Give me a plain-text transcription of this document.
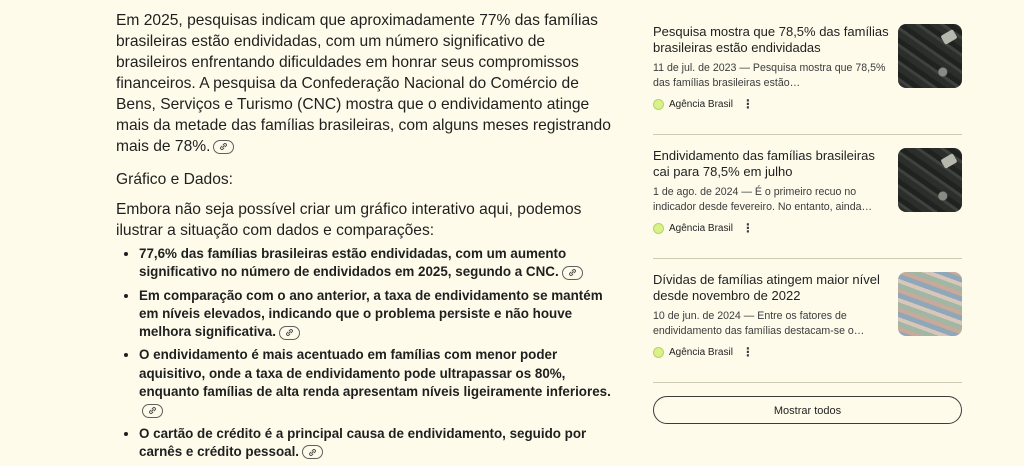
Em 2025, pesquisas indicam que aproximadamente 77% das famílias brasileiras estão endividadas, com um número significativo de brasileiros enfrentando dificuldades em honrar seus compromissos financeiros. A pesquisa da Confederação Nacional do Comércio de Bens, Serviços e Turismo (CNC) mostra que o endividamento atinge mais da metade das famílias brasileiras, com alguns meses registrando mais de 78%.

Gráfico e Dados:

Embora não seja possível criar um gráfico interativo aqui, podemos ilustrar a situação com dados e comparações:

• 77,6% das famílias brasileiras estão endividadas, com um aumento significativo no número de endividados em 2025, segundo a CNC.
• Em comparação com o ano anterior, a taxa de endividamento se mantém em níveis elevados, indicando que o problema persiste e não houve melhora significativa.
• O endividamento é mais acentuado em famílias com menor poder aquisitivo, onde a taxa de endividamento pode ultrapassar os 80%, enquanto famílias de alta renda apresentam níveis ligeiramente inferiores.
• O cartão de crédito é a principal causa de endividamento, seguido por carnês e crédito pessoal.

Pesquisa mostra que 78,5% das famílias brasileiras estão endividadas

11 de jul. de 2023 — Pesquisa mostra que 78,5% das famílias brasileiras estão…

Agência Brasil ⋮

Endividamento das famílias brasileiras cai para 78,5% em julho

1 de ago. de 2024 — É o primeiro recuo no indicador desde fevereiro. No entanto, ainda…

Agência Brasil ⋮

Dívidas de famílias atingem maior nível desde novembro de 2022

10 de jun. de 2024 — Entre os fatores de endividamento das famílias destacam-se o…

Agência Brasil ⋮
Mostrar todos
